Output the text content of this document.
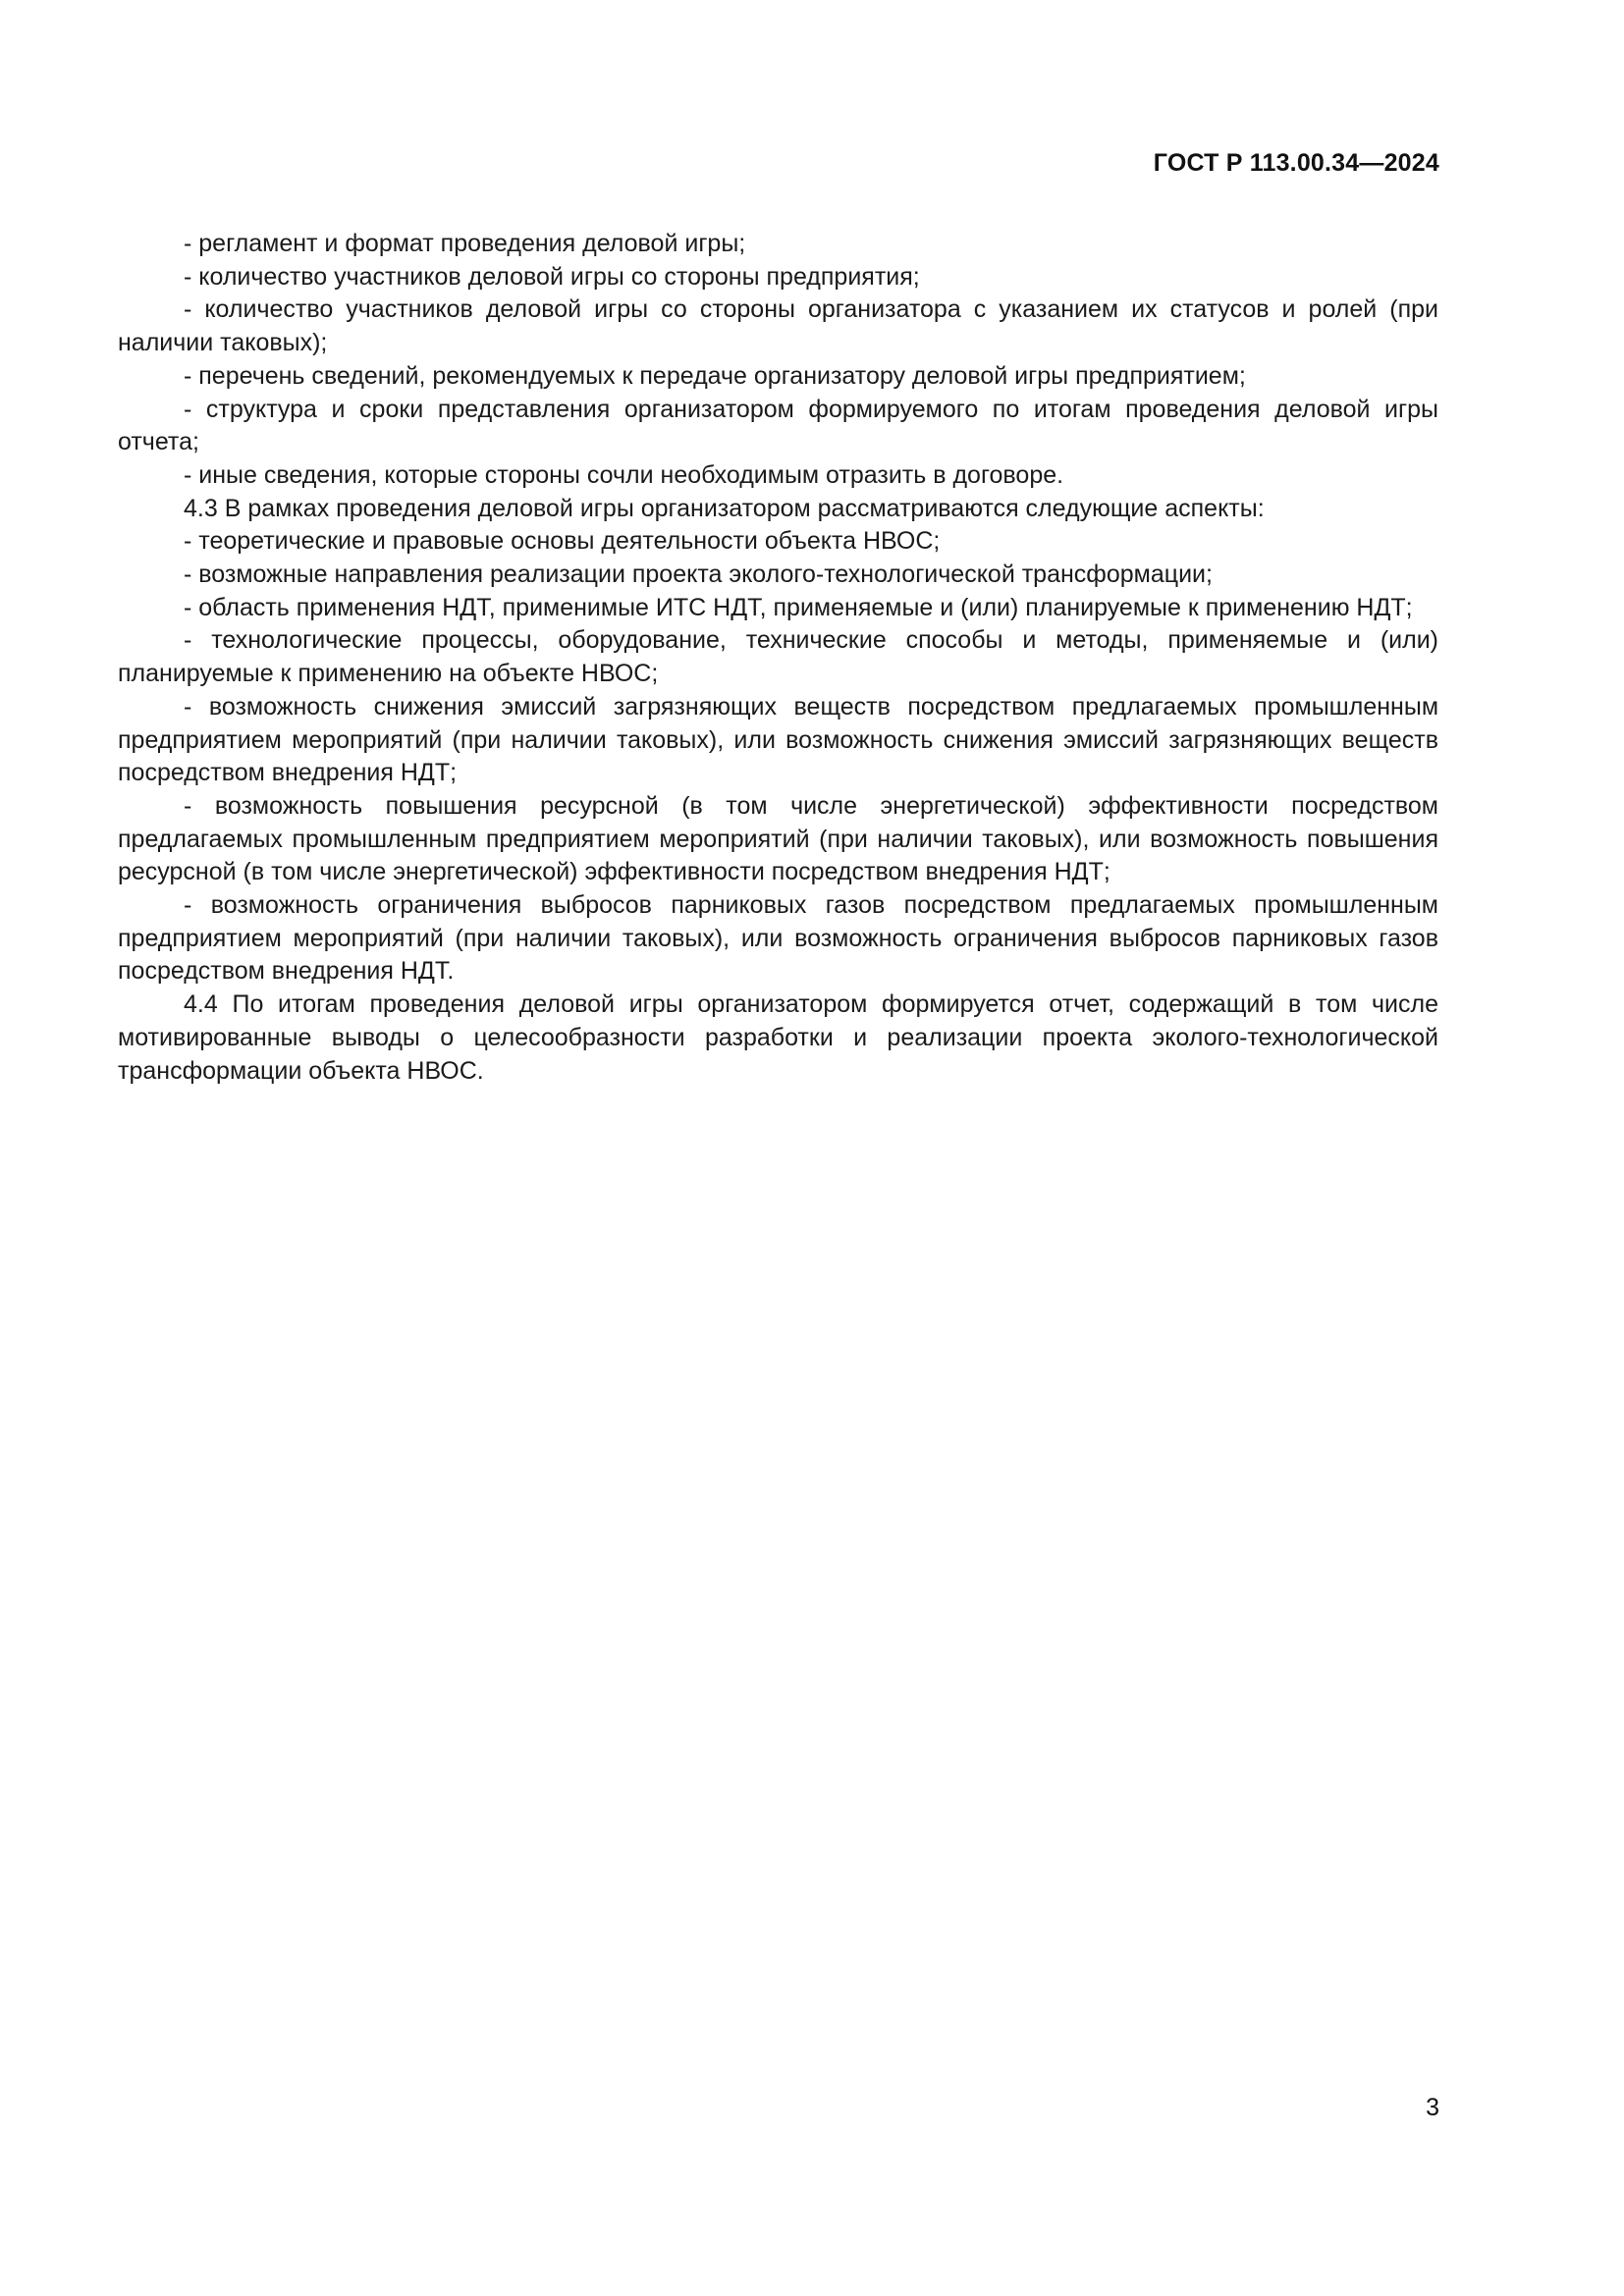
ГОСТ Р 113.00.34—2024

- регламент и формат проведения деловой игры;

- количество участников деловой игры со стороны предприятия;

- количество участников деловой игры со стороны организатора с указанием их статусов и ролей (при наличии таковых);

- перечень сведений, рекомендуемых к передаче организатору деловой игры предприятием;

- структура и сроки представления организатором формируемого по итогам проведения деловой игры отчета;

- иные сведения, которые стороны сочли необходимым отразить в договоре.

4.3 В рамках проведения деловой игры организатором рассматриваются следующие аспекты:

- теоретические и правовые основы деятельности объекта НВОС;

- возможные направления реализации проекта эколого-технологической трансформации;

- область применения НДТ, применимые ИТС НДТ, применяемые и (или) планируемые к применению НДТ;

- технологические процессы, оборудование, технические способы и методы, применяемые и (или) планируемые к применению на объекте НВОС;

- возможность снижения эмиссий загрязняющих веществ посредством предлагаемых промышленным предприятием мероприятий (при наличии таковых), или возможность снижения эмиссий загрязняющих веществ посредством внедрения НДТ;

- возможность повышения ресурсной (в том числе энергетической) эффективности посредством предлагаемых промышленным предприятием мероприятий (при наличии таковых), или возможность повышения ресурсной (в том числе энергетической) эффективности посредством внедрения НДТ;

- возможность ограничения выбросов парниковых газов посредством предлагаемых промышленным предприятием мероприятий (при наличии таковых), или возможность ограничения выбросов парниковых газов посредством внедрения НДТ.

4.4 По итогам проведения деловой игры организатором формируется отчет, содержащий в том числе мотивированные выводы о целесообразности разработки и реализации проекта эколого-технологической трансформации объекта НВОС.

3
